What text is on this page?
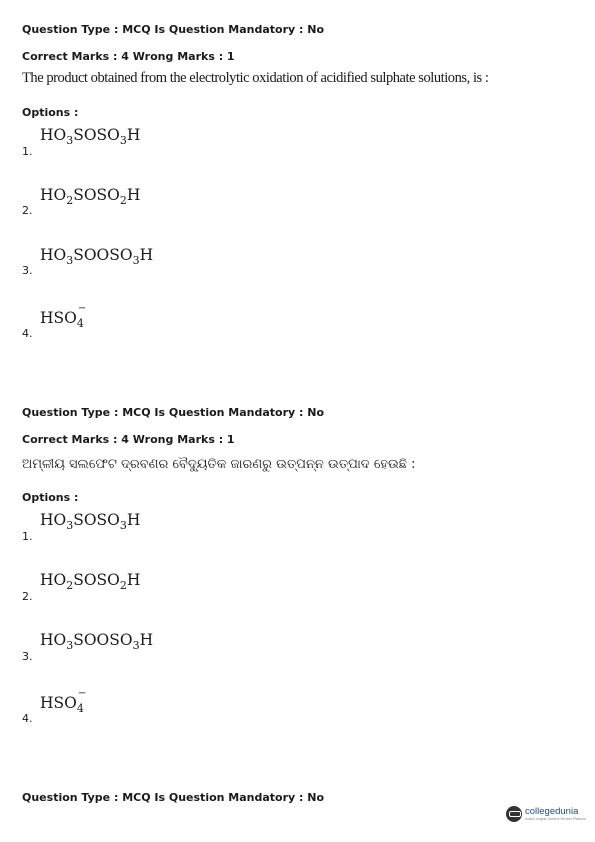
Question Type : MCQ Is Question Mandatory : No
Correct Marks : 4 Wrong Marks : 1
The product obtained from the electrolytic oxidation of acidified sulphate solutions, is :
Options :
1.
$HO_3SOSO_3H$
2.
$HO_2SOSO_2H$
3.
$HO_3SOOSO_3H$
4.
HSO
−
$_4$
Question Type : MCQ Is Question Mandatory : No
Correct Marks : 4 Wrong Marks : 1
ଅମ୍ଳୀୟ ସଲଫେଟ ଦ୍ରବଣର ବୈଦ୍ୟୁତିକ ଜାରଣରୁ ଉତ୍ପନ୍ନ ଉତ୍ପାଦ ହେଉଛି :
Options :
1.
$HO_3SOSO_3H$
2.
$HO_2SOSO_2H$
3.
$HO_3SOOSO_3H$
4.
HSO
−
$_4$
Question Type : MCQ Is Question Mandatory : No
collegedunia
India's largest Student Review Platform
